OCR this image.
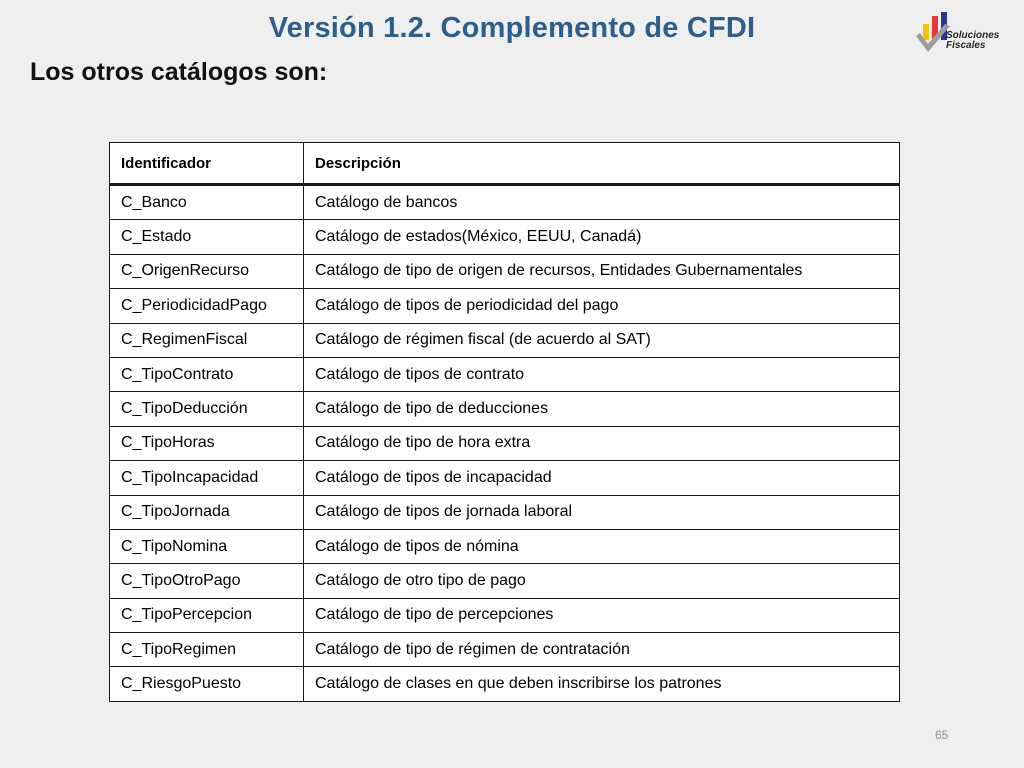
Versión 1.2. Complemento de CFDI
Los otros catálogos son:
Soluciones
Fiscales
Identificador	Descripción
C_Banco	Catálogo de bancos
C_Estado	Catálogo de estados(México, EEUU, Canadá)
C_OrigenRecurso	Catálogo de tipo de origen de recursos, Entidades Gubernamentales
C_PeriodicidadPago	Catálogo de tipos de periodicidad del pago
C_RegimenFiscal	Catálogo de régimen fiscal (de acuerdo al SAT)
C_TipoContrato	Catálogo de tipos de contrato
C_TipoDeducción	Catálogo de tipo de deducciones
C_TipoHoras	Catálogo de tipo de hora extra
C_TipoIncapacidad	Catálogo de tipos de incapacidad
C_TipoJornada	Catálogo de tipos de jornada laboral
C_TipoNomina	Catálogo de tipos de nómina
C_TipoOtroPago	Catálogo de otro tipo de pago
C_TipoPercepcion	Catálogo de tipo de percepciones
C_TipoRegimen	Catálogo de tipo de régimen de contratación
C_RiesgoPuesto	Catálogo de clases en que deben inscribirse los patrones
65
